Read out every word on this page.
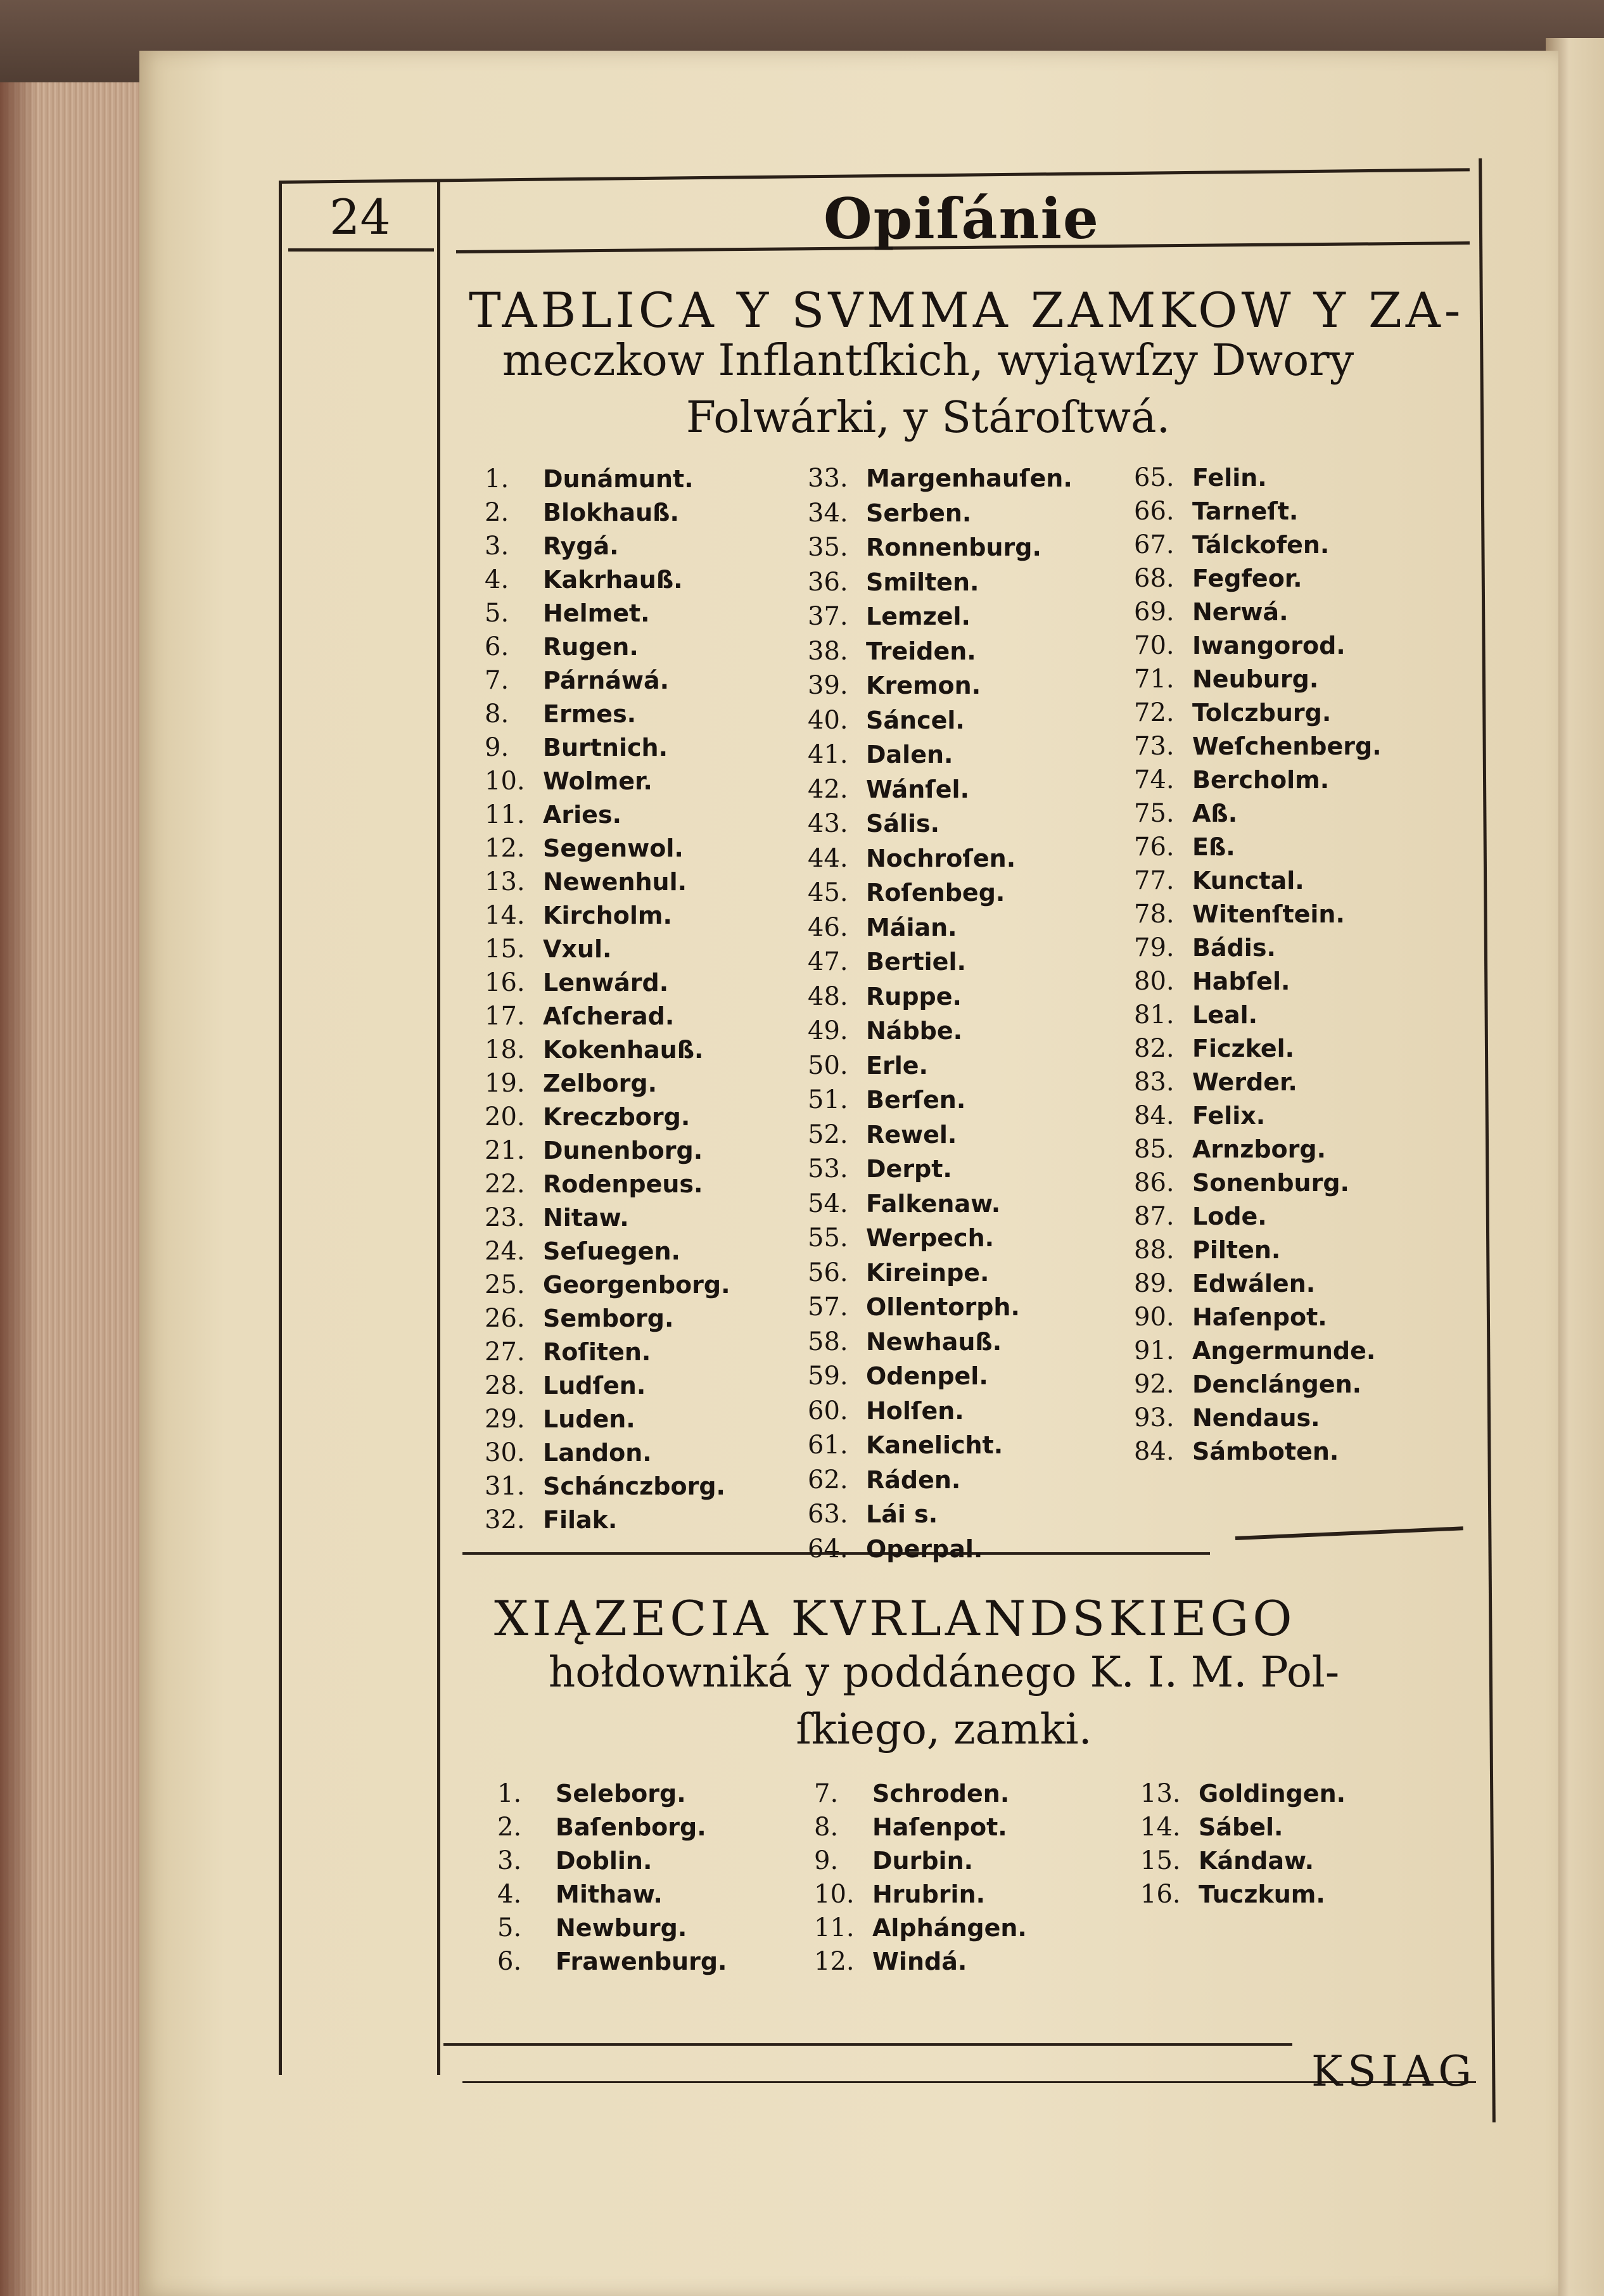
24	Opiſánie
TABLICA Y SVMMA ZAMKOW Y ZA-
meczkow Inflantſkich, wyiąwſzy Dwory
Folwárki, y Stároſtwá.
1.	Dunámunt.
2.	Blokhauß.
3.	Rygá.
4.	Kakrhauß.
5.	Helmet.
6.	Rugen.
7.	Párnáwá.
8.	Ermes.
9.	Burtnich.
10. Wolmer.
11. Aries.
12. Segenwol.
13. Newenhul.
14. Kircholm.
15. Vxul.
16. Lenwárd.
17. Aſcherad.
18. Kokenhauß.
19. Zelborg.
20. Kreczborg.
21. Dunenborg.
22. Rodenpeus.
23. Nitaw.
24. Seſuegen.
25. Georgenborg.
26. Semborg.
27. Roſiten.
28. Ludſen.
29. Luden.
30. Landon.
31. Schánczborg.
32. Filak.
33. Margenhauſen.
34. Serben.
35. Ronnenburg.
36. Smilten.
37. Lemzel.
38. Treiden.
39. Kremon.
40. Sáncel.
41. Dalen.
42. Wánſel.
43. Sális.
44. Nochroſen.
45. Roſenbeg.
46. Máian.
47. Bertiel.
48. Ruppe.
49. Nábbe.
50. Erle.
51. Berſen.
52. Rewel.
53. Derpt.
54. Falkenaw.
55. Werpech.
56. Kireinpe.
57. Ollentorph.
58. Newhauß.
59. Odenpel.
60. Holſen.
61. Kanelicht.
62. Ráden.
63. Lái s.
64. Operpal.
65. Felin.
66. Tarneſt.
67. Tálckofen.
68. Fegfeor.
69. Nerwá.
70. Iwangorod.
71. Neuburg.
72. Tolczburg.
73. Weſchenberg.
74. Bercholm.
75. Aß.
76. Eß.
77. Kunctal.
78. Witenſtein.
79. Bádis.
80. Habſel.
81. Leal.
82. Ficzkel.
83. Werder.
84. Felix.
85. Arnzborg.
86. Sonenburg.
87. Lode.
88. Pilten.
89. Edwálen.
90. Haſenpot.
91. Angermunde.
92. Denclángen.
93. Nendaus.
84. Sámboten.
XIĄZECIA KVRLANDSKIEGO
hołdowniká y poddánego K. I. M. Pol-
ſkiego, zamki.
1.	Seleborg.
2.	Baſenborg.
3.	Doblin.
4.	Mithaw.
5.	Newburg.
6.	Frawenburg.
7.	Schroden.
8.	Haſenpot.
9.	Durbin.
10. Hrubrin.
11. Alphángen.
12. Windá.
13. Goldingen.
14. Sábel.
15. Kándaw.
16. Tuczkum.
KSIAG
